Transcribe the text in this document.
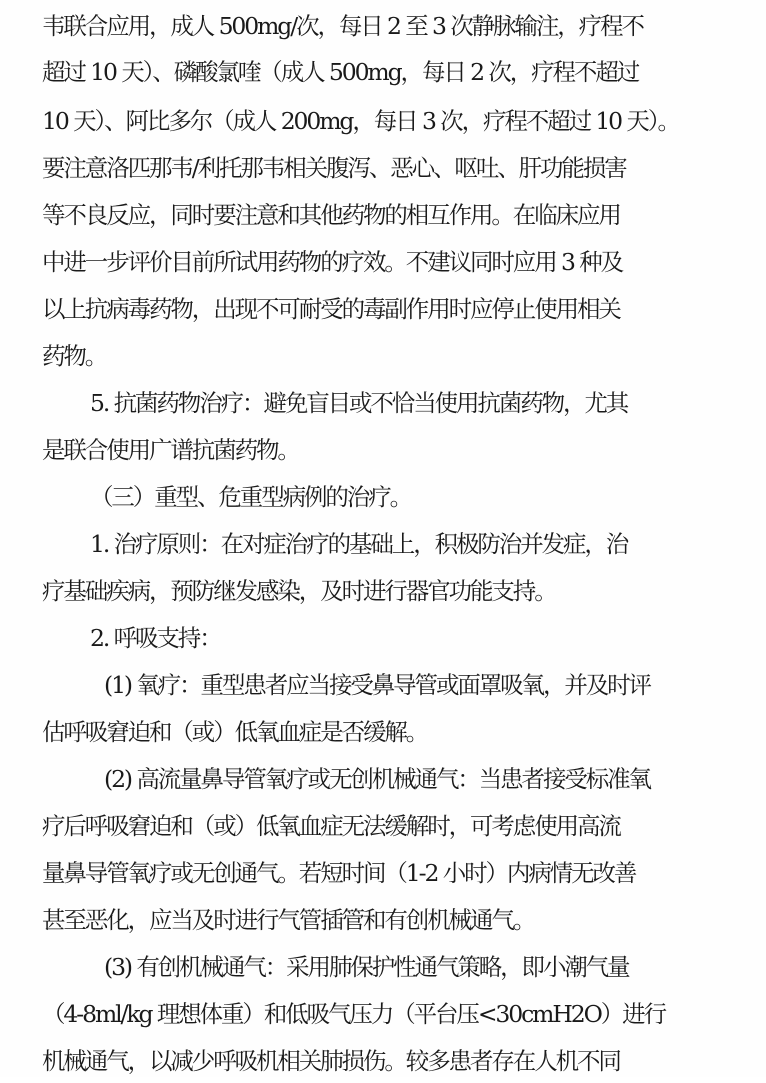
韦联合应用，成人 500mg/次，每日 2 至 3 次静脉输注，疗程不
超过 10 天）、磷酸氯喹（成人 500mg，每日 2 次，疗程不超过
10 天）、阿比多尔（成人 200mg，每日 3 次，疗程不超过 10 天）。
要注意洛匹那韦/利托那韦相关腹泻、恶心、呕吐、肝功能损害
等不良反应，同时要注意和其他药物的相互作用。在临床应用
中进一步评价目前所试用药物的疗效。不建议同时应用 3 种及
以上抗病毒药物，出现不可耐受的毒副作用时应停止使用相关
药物。
5. 抗菌药物治疗：避免盲目或不恰当使用抗菌药物，尤其
是联合使用广谱抗菌药物。
（三）重型、危重型病例的治疗。
1. 治疗原则：在对症治疗的基础上，积极防治并发症，治
疗基础疾病，预防继发感染，及时进行器官功能支持。
2. 呼吸支持：
(1) 氧疗：重型患者应当接受鼻导管或面罩吸氧，并及时评
估呼吸窘迫和（或）低氧血症是否缓解。
(2) 高流量鼻导管氧疗或无创机械通气：当患者接受标准氧
疗后呼吸窘迫和（或）低氧血症无法缓解时，可考虑使用高流
量鼻导管氧疗或无创通气。若短时间（1-2 小时）内病情无改善
甚至恶化，应当及时进行气管插管和有创机械通气。
(3) 有创机械通气：采用肺保护性通气策略，即小潮气量
（4-8ml/kg 理想体重）和低吸气压力（平台压<30cmH2O）进行
机械通气，以减少呼吸机相关肺损伤。较多患者存在人机不同
